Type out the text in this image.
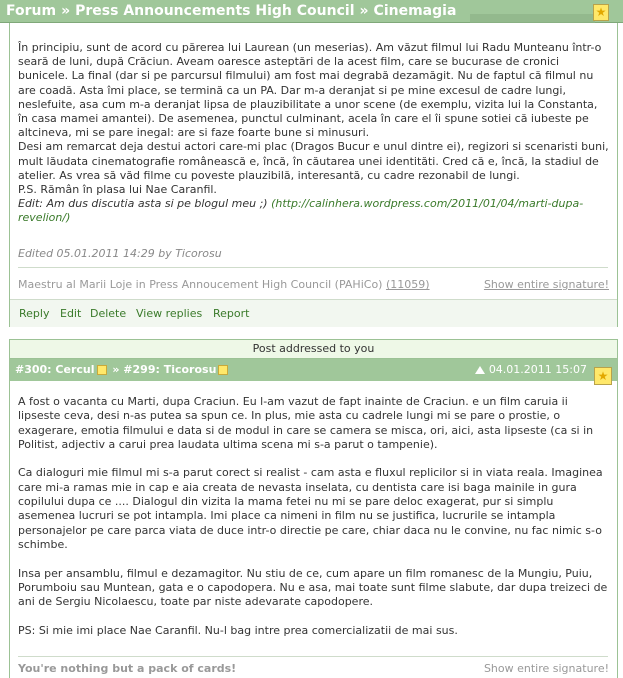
Forum » Press Announcements High Council » Cinemagia	★

În principiu, sunt de acord cu părerea lui Laurean (un meserias). Am văzut filmul lui Radu Munteanu într-o seară de luni, după Crăciun. Aveam oaresce asteptări de la acest film, care se bucurase de cronici bunicele. La final (dar si pe parcursul filmului) am fost mai degrabă dezamăgit. Nu de faptul că filmul nu are coadă. Asta îmi place, se termină ca un PA. Dar m-a deranjat si pe mine excesul de cadre lungi, neslefuite, asa cum m-a deranjat lipsa de plauzibilitate a unor scene (de exemplu, vizita lui la Constanta, în casa mamei amantei). De asemenea, punctul culminant, acela în care el îi spune sotiei că iubeste pe altcineva, mi se pare inegal: are si faze foarte bune si minusuri.

Desi am remarcat deja destui actori care-mi plac (Dragos Bucur e unul dintre ei), regizori si scenaristi buni, mult lăudata cinematografie românească e, încă, în căutarea unei identităti. Cred că e, încă, la stadiul de atelier. As vrea să văd filme cu poveste plauzibilă, interesantă, cu cadre rezonabil de lungi.

P.S. Rămân în plasa lui Nae Caranfil.

Edit: Am dus discutia asta si pe blogul meu ;) (http://calinhera.wordpress.com/2011/01/04/marti-dupa-revelion/)

Edited 05.01.2011 14:29 by Ticorosu
Maestru al Marii Loje in Press Annoucement High Council (PAHiCo) (11059)	Show entire signature!
Reply Edit Delete View replies Report
Post addressed to you
#300: Cercul » #299: Ticorosu	04.01.2011 15:07 ★

A fost o vacanta cu Marti, dupa Craciun. Eu l-am vazut de fapt inainte de Craciun. e un film caruia ii lipseste ceva, desi n-as putea sa spun ce. In plus, mie asta cu cadrele lungi mi se pare o prostie, o exagerare, emotia filmului e data si de modul in care se camera se misca, ori, aici, asta lipseste (ca si in Politist, adjectiv a carui prea laudata ultima scena mi s-a parut o tampenie).

Ca dialoguri mie filmul mi s-a parut corect si realist - cam asta e fluxul replicilor si in viata reala. Imaginea care mi-a ramas mie in cap e aia creata de nevasta inselata, cu dentista care isi baga mainile in gura copilului dupa ce .... Dialogul din vizita la mama fetei nu mi se pare deloc exagerat, pur si simplu asemenea lucruri se pot intampla. Imi place ca nimeni in film nu se justifica, lucrurile se intampla personajelor pe care parca viata de duce intr-o directie pe care, chiar daca nu le convine, nu fac nimic s-o schimbe.

Insa per ansamblu, filmul e dezamagitor. Nu stiu de ce, cum apare un film romanesc de la Mungiu, Puiu, Porumboiu sau Muntean, gata e o capodopera. Nu e asa, mai toate sunt filme slabute, dar dupa treizeci de ani de Sergiu Nicolaescu, toate par niste adevarate capodopere.

PS: Si mie imi place Nae Caranfil. Nu-l bag intre prea comercializatii de mai sus.

You're nothing but a pack of cards!	Show entire signature!
